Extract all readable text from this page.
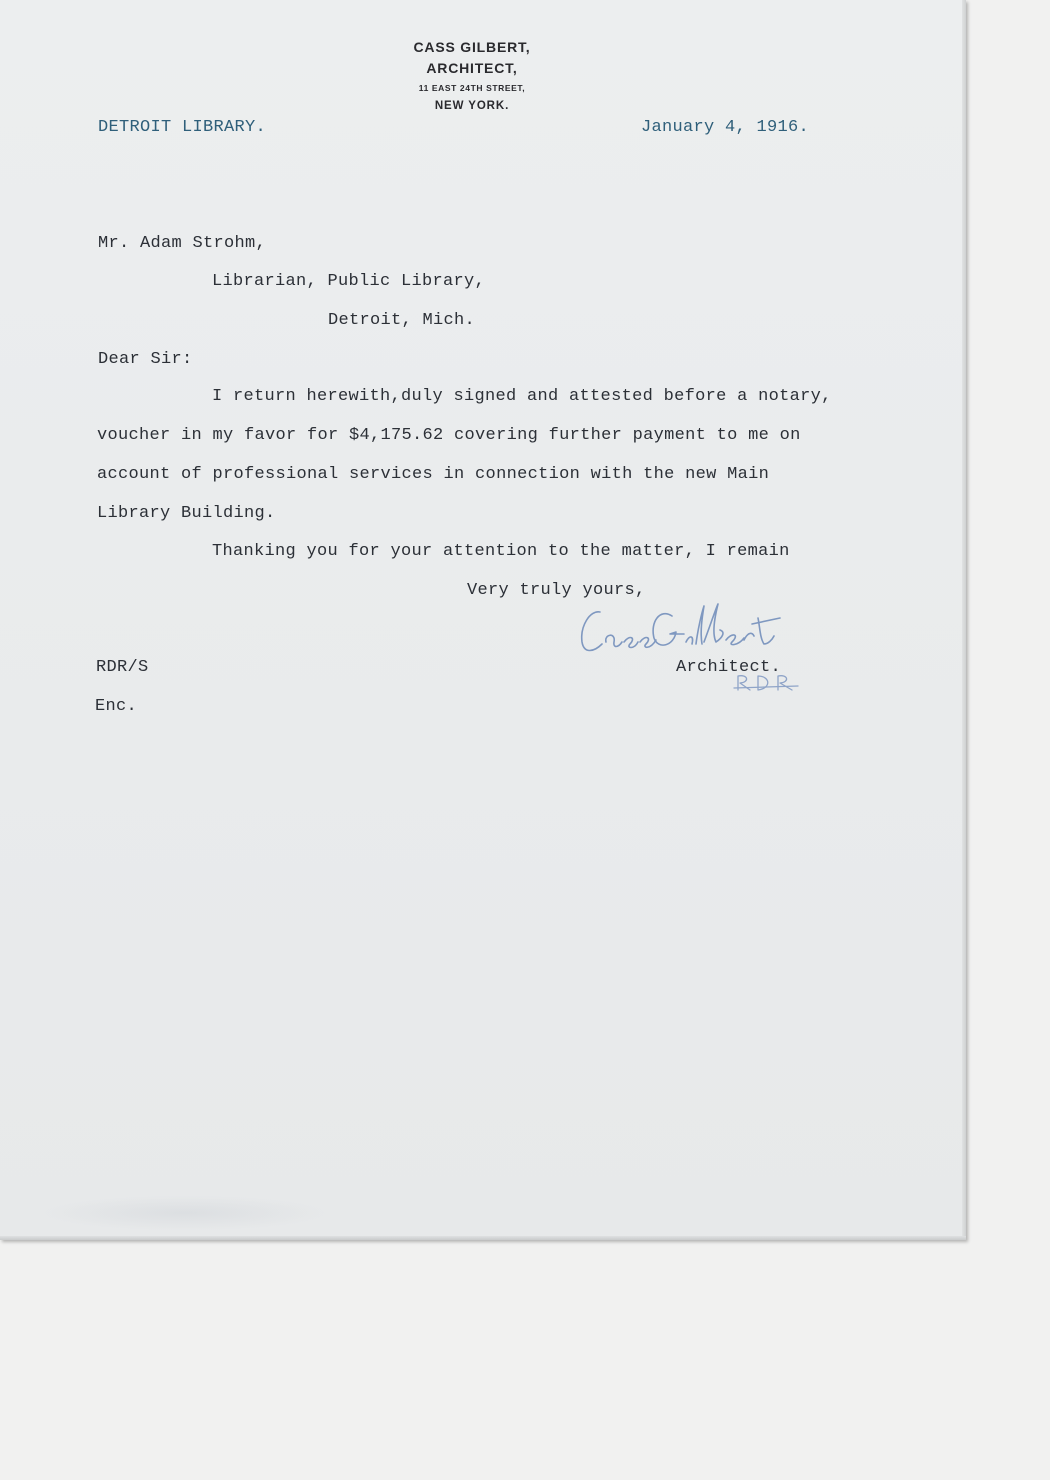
CASS GILBERT,
ARCHITECT,
11 EAST 24TH STREET,
NEW YORK.
DETROIT LIBRARY.	January 4, 1916.
Mr. Adam Strohm,
Librarian, Public Library,
Detroit, Mich.
Dear Sir:
I return herewith,duly signed and attested before a notary,
voucher in my favor for $4,175.62 covering further payment to me on
account of professional services in connection with the new Main
Library Building.
Thanking you for your attention to the matter, I remain
Very truly yours,
Architect.
RDR/S
Enc.
